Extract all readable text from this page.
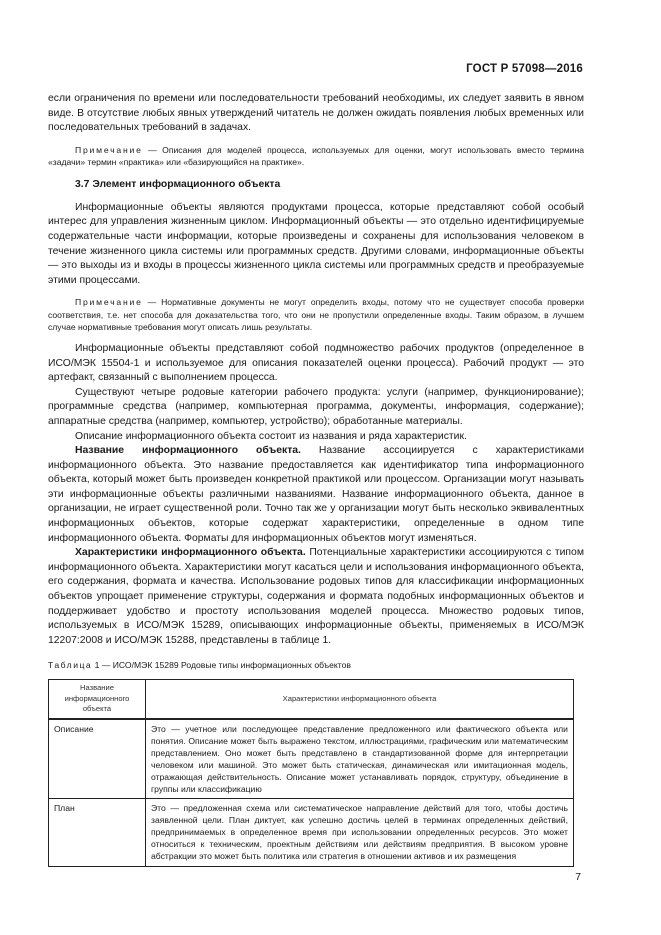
ГОСТ Р 57098—2016

если ограничения по времени или последовательности требований необходимы, их следует заявить в явном виде. В отсутствие любых явных утверждений читатель не должен ожидать появления любых временных или последовательных требований в задачах.

Примечание — Описания для моделей процесса, используемых для оценки, могут использовать вместо термина «задачи» термин «практика» или «базирующийся на практике».

3.7 Элемент информационного объекта

Информационные объекты являются продуктами процесса, которые представляют собой особый интерес для управления жизненным циклом. Информационный объекты — это отдельно идентифицируемые содержательные части информации, которые произведены и сохранены для использования человеком в течение жизненного цикла системы или программных средств. Другими словами, информационные объекты — это выходы из и входы в процессы жизненного цикла системы или программных средств и преобразуемые этими процессами.

Примечание — Нормативные документы не могут определить входы, потому что не существует способа проверки соответствия, т.е. нет способа для доказательства того, что они не пропустили определенные входы. Таким образом, в лучшем случае нормативные требования могут описать лишь результаты.

Информационные объекты представляют собой подмножество рабочих продуктов (определенное в ИСО/МЭК 15504-1 и используемое для описания показателей оценки процесса). Рабочий продукт — это артефакт, связанный с выполнением процесса.

Существуют четыре родовые категории рабочего продукта: услуги (например, функционирование); программные средства (например, компьютерная программа, документы, информация, содержание); аппаратные средства (например, компьютер, устройство); обработанные материалы.

Описание информационного объекта состоит из названия и ряда характеристик.

Название информационного объекта. Название ассоциируется с характеристиками информационного объекта. Это название предоставляется как идентификатор типа информационного объекта, который может быть произведен конкретной практикой или процессом. Организации могут называть эти информационные объекты различными названиями. Название информационного объекта, данное в организации, не играет существенной роли. Точно так же у организации могут быть несколько эквивалентных информационных объектов, которые содержат характеристики, определенные в одном типе информационного объекта. Форматы для информационных объектов могут изменяться.

Характеристики информационного объекта. Потенциальные характеристики ассоциируются с типом информационного объекта. Характеристики могут касаться цели и использования информационного объекта, его содержания, формата и качества. Использование родовых типов для классификации информационных объектов упрощает применение структуры, содержания и формата подобных информационных объектов и поддерживает удобство и простоту использования моделей процесса. Множество родовых типов, используемых в ИСО/МЭК 15289, описывающих информационные объекты, применяемых в ИСО/МЭК 12207:2008 и ИСО/МЭК 15288, представлены в таблице 1.

Таблица 1 — ИСО/МЭК 15289 Родовые типы информационных объектов
Название информационного объекта	Характеристики информационного объекта
Описание	Это — учетное или последующее представление предложенного или фактического объекта или понятия. Описание может быть выражено текстом, иллюстрациями, графическим или математическим представлением. Оно может быть представлено в стандартизованной форме для интерпретации человеком или машиной. Это может быть статическая, динамическая или имитационная модель, отражающая действительность. Описание может устанавливать порядок, структуру, объединение в группы или классификацию
План	Это — предложенная схема или систематическое направление действий для того, чтобы достичь заявленной цели. План диктует, как успешно достичь целей в терминах определенных действий, предпринимаемых в определенное время при использовании определенных ресурсов. Это может относиться к техническим, проектным действиям или действиям предприятия. В высоком уровне абстракции это может быть политика или стратегия в отношении активов и их размещения
7
